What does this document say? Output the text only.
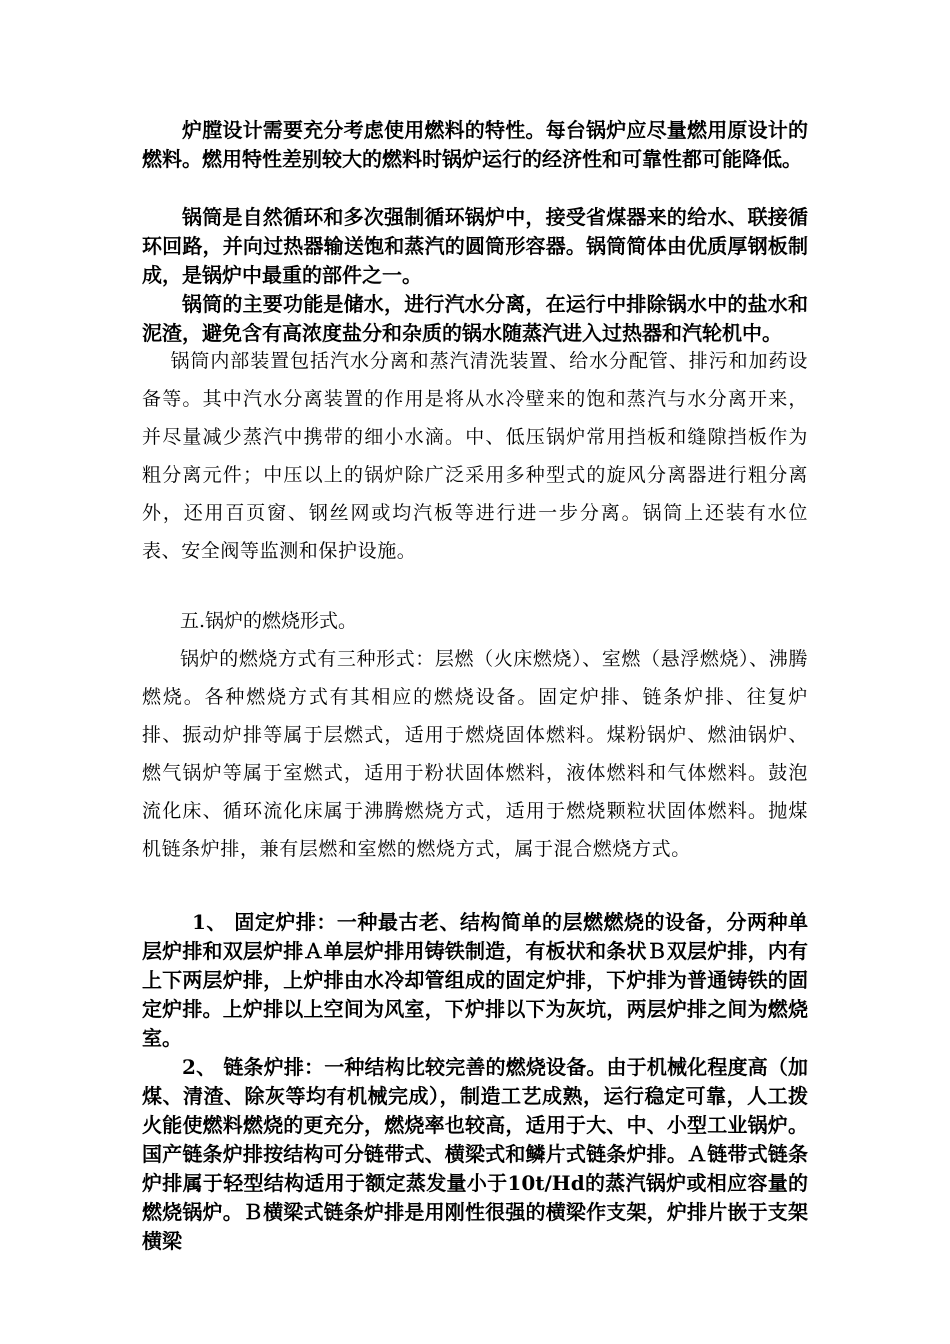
炉膛设计需要充分考虑使用燃料的特性。每台锅炉应尽量燃用原设计的燃料。燃用特性差别较大的燃料时锅炉运行的经济性和可靠性都可能降低。

锅筒是自然循环和多次强制循环锅炉中，接受省煤器来的给水、联接循环回路，并向过热器输送饱和蒸汽的圆筒形容器。锅筒简体由优质厚钢板制成，是锅炉中最重的部件之一。

锅筒的主要功能是储水，进行汽水分离，在运行中排除锅水中的盐水和泥渣，避免含有高浓度盐分和杂质的锅水随蒸汽进入过热器和汽轮机中。

锅筒内部装置包括汽水分离和蒸汽清洗装置、给水分配管、排污和加药设备等。其中汽水分离装置的作用是将从水冷壁来的饱和蒸汽与水分离开来，并尽量减少蒸汽中携带的细小水滴。中、低压锅炉常用挡板和缝隙挡板作为粗分离元件；中压以上的锅炉除广泛采用多种型式的旋风分离器进行粗分离外，还用百页窗、钢丝网或均汽板等进行进一步分离。锅筒上还装有水位表、安全阀等监测和保护设施。

五.锅炉的燃烧形式。

锅炉的燃烧方式有三种形式：层燃（火床燃烧）、室燃（悬浮燃烧）、沸腾燃烧。各种燃烧方式有其相应的燃烧设备。固定炉排、链条炉排、往复炉排、振动炉排等属于层燃式，适用于燃烧固体燃料。煤粉锅炉、燃油锅炉、燃气锅炉等属于室燃式，适用于粉状固体燃料，液体燃料和气体燃料。鼓泡流化床、循环流化床属于沸腾燃烧方式，适用于燃烧颗粒状固体燃料。抛煤机链条炉排，兼有层燃和室燃的燃烧方式，属于混合燃烧方式。

1、 固定炉排：一种最古老、结构简单的层燃燃烧的设备，分两种单层炉排和双层炉排Ａ单层炉排用铸铁制造，有板状和条状Ｂ双层炉排，内有上下两层炉排，上炉排由水冷却管组成的固定炉排，下炉排为普通铸铁的固定炉排。上炉排以上空间为风室，下炉排以下为灰坑，两层炉排之间为燃烧室。

2、 链条炉排：一种结构比较完善的燃烧设备。由于机械化程度高（加煤、清渣、除灰等均有机械完成），制造工艺成熟，运行稳定可靠，人工拨火能使燃料燃烧的更充分，燃烧率也较高，适用于大、中、小型工业锅炉。国产链条炉排按结构可分链带式、横梁式和鳞片式链条炉排。Ａ链带式链条炉排属于轻型结构适用于额定蒸发量小于10t/Hd的蒸汽锅炉或相应容量的燃烧锅炉。Ｂ横梁式链条炉排是用刚性很强的横梁作支架，炉排片嵌于支架横梁
